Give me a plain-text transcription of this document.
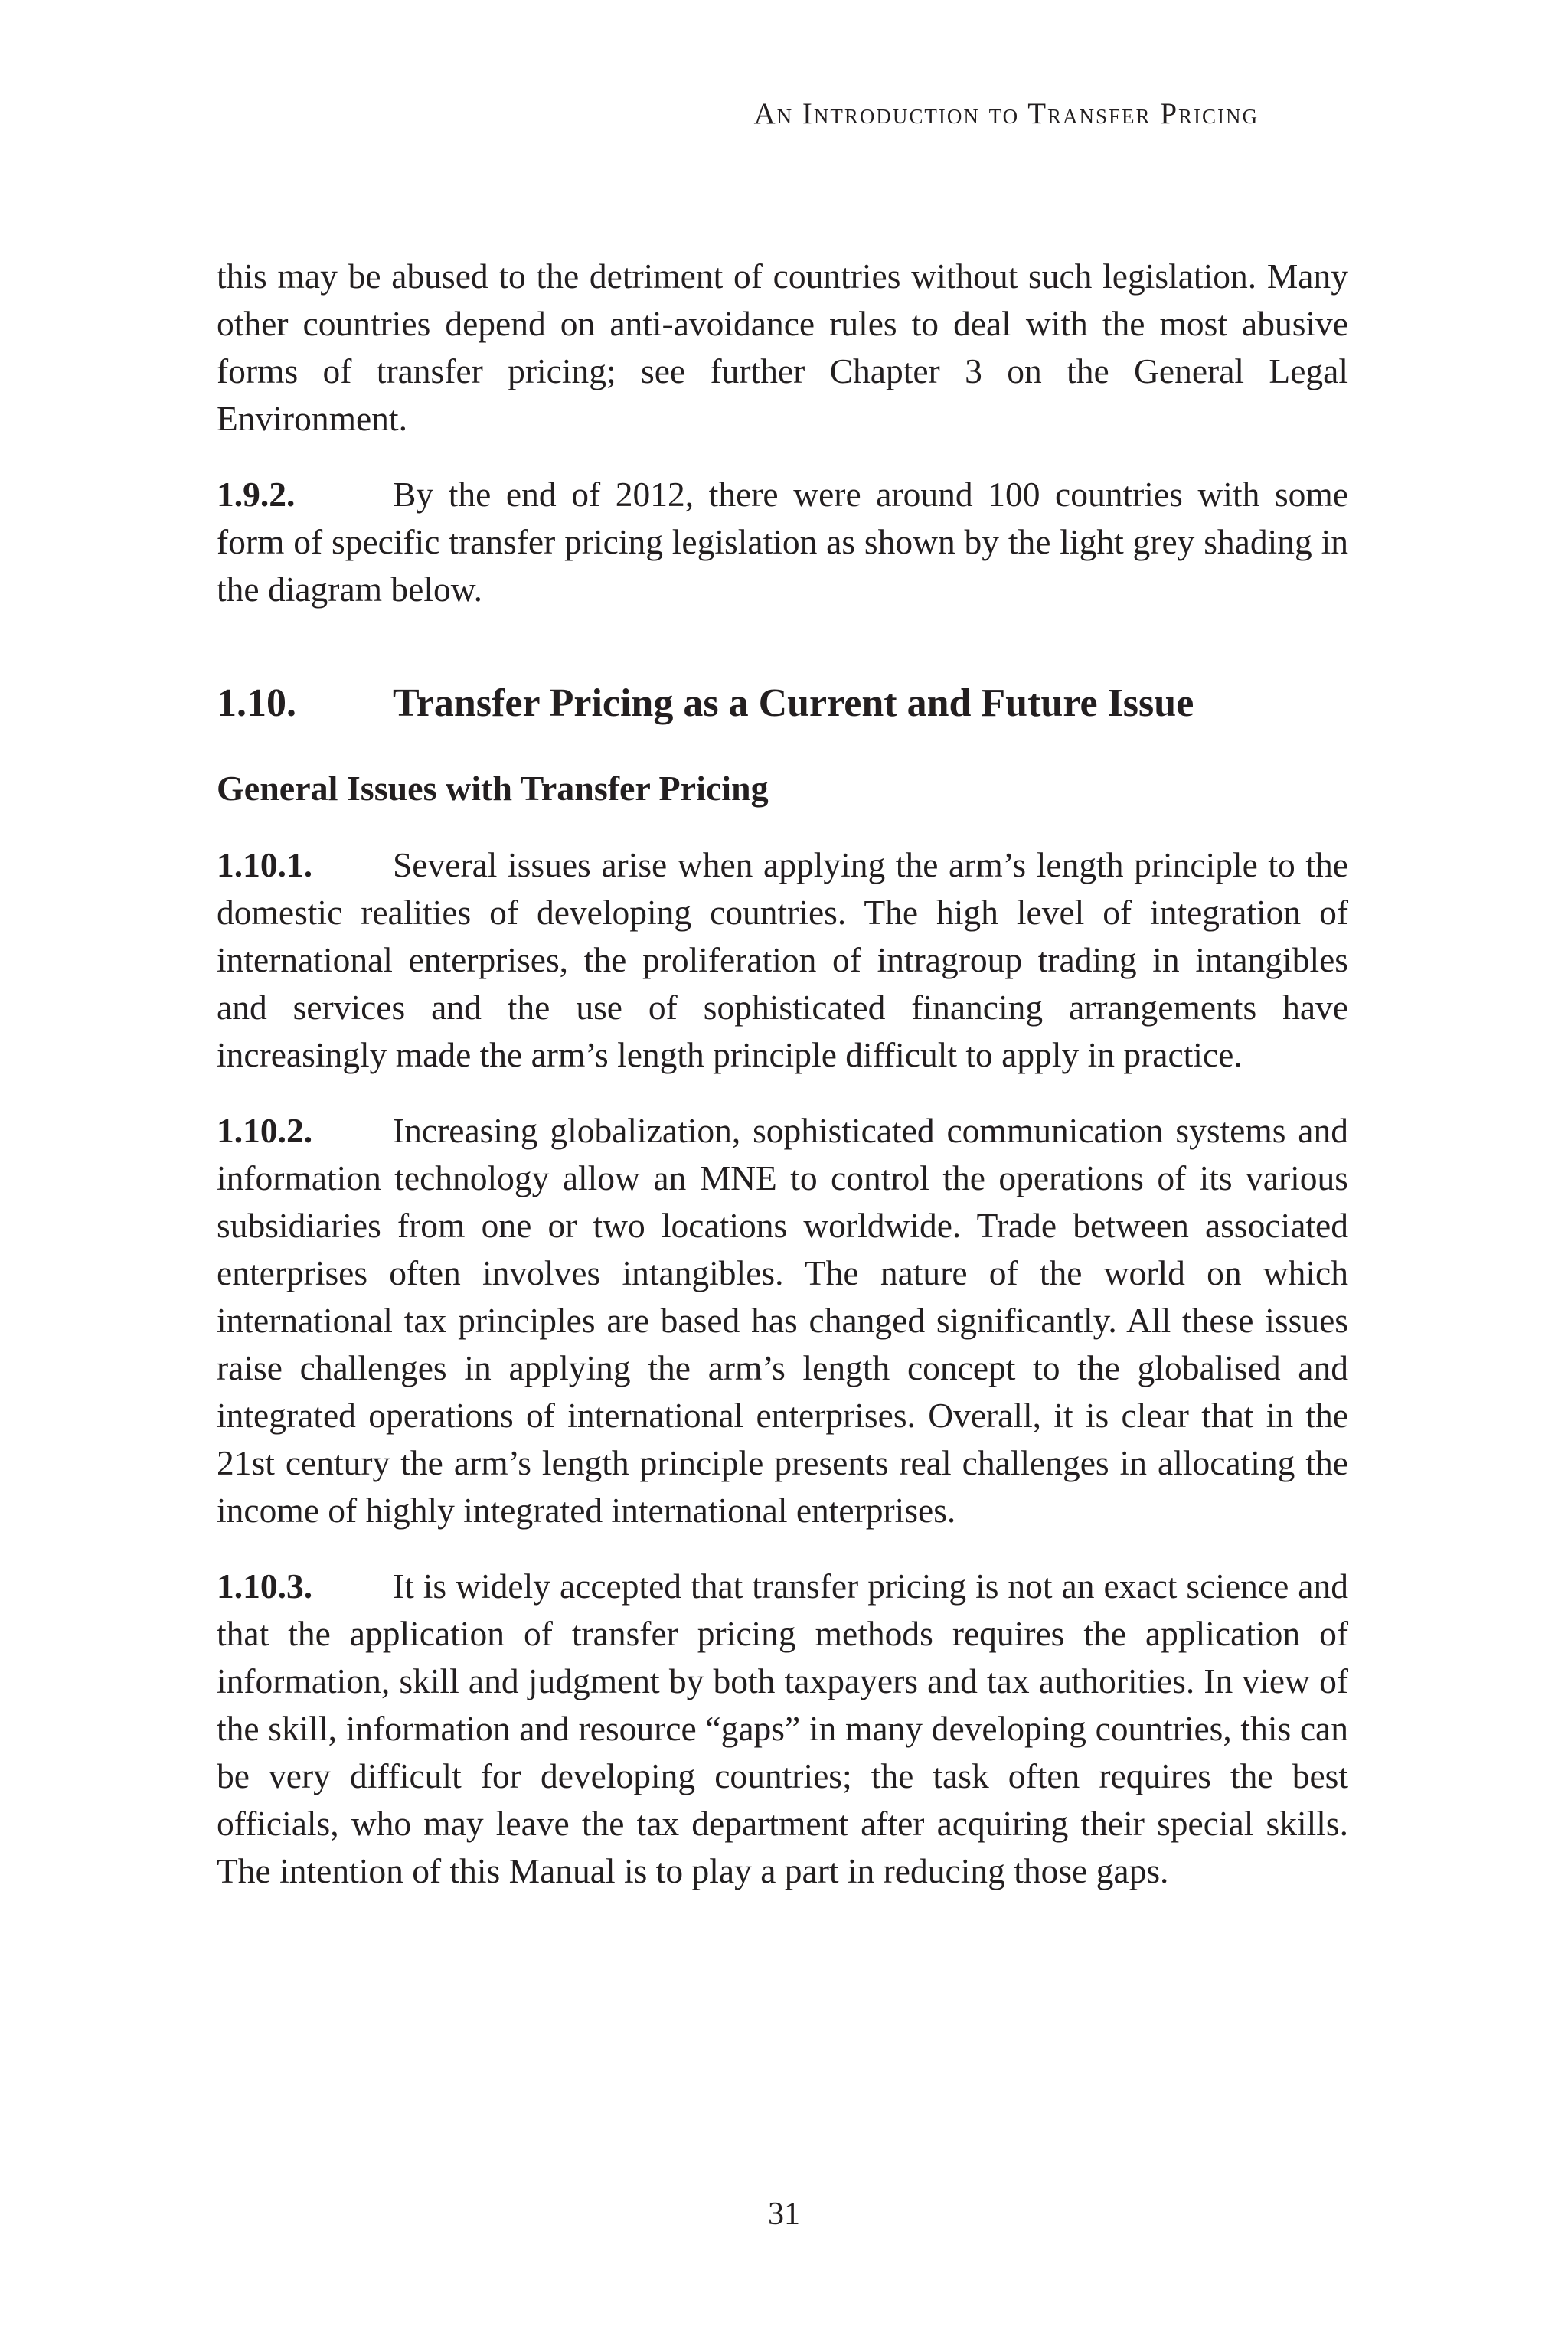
An Introduction to Transfer Pricing

this may be abused to the detriment of countries without such legislation. Many other countries depend on anti-avoidance rules to deal with the most abusive forms of transfer pricing; see further Chapter 3 on the General Legal Environment.

1.9.2.	By the end of 2012, there were around 100 countries with some form of specific transfer pricing legislation as shown by the light grey shading in the diagram below.

1.10. Transfer Pricing as a Current and Future Issue
General Issues with Transfer Pricing

1.10.1. Several issues arise when applying the arm’s length principle to the domestic realities of developing countries. The high level of integration of international enterprises, the proliferation of intragroup trading in intangibles and services and the use of sophisticated financing arrangements have increasingly made the arm’s length principle difficult to apply in practice.

1.10.2. Increasing globalization, sophisticated communication systems and information technology allow an MNE to control the operations of its various subsidiaries from one or two locations worldwide. Trade between associated enterprises often involves intangibles. The nature of the world on which international tax principles are based has changed significantly. All these issues raise challenges in applying the arm’s length concept to the globalised and integrated operations of international enterprises. Overall, it is clear that in the 21st century the arm’s length principle presents real challenges in allocating the income of highly integrated international enterprises.

1.10.3. It is widely accepted that transfer pricing is not an exact science and that the application of transfer pricing methods requires the application of information, skill and judgment by both taxpayers and tax authorities. In view of the skill, information and resource “gaps” in many developing countries, this can be very difficult for developing countries; the task often requires the best officials, who may leave the tax department after acquiring their special skills. The intention of this Manual is to play a part in reducing those gaps.

31
